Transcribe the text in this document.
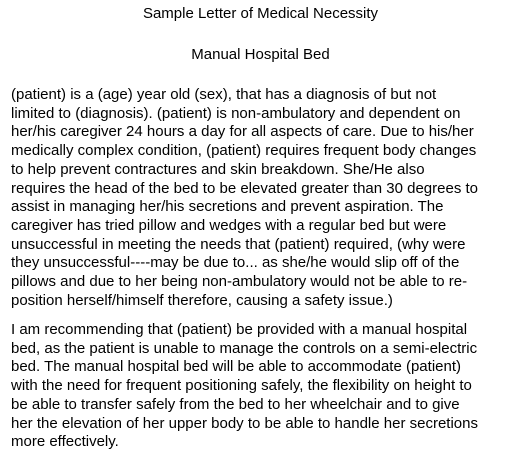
Sample Letter of Medical Necessity
Manual Hospital Bed
(patient) is a (age) year old (sex), that has a diagnosis of but not
limited to (diagnosis). (patient) is non-ambulatory and dependent on
her/his caregiver 24 hours a day for all aspects of care. Due to his/her
medically complex condition, (patient) requires frequent body changes
to help prevent contractures and skin breakdown. She/He also
requires the head of the bed to be elevated greater than 30 degrees to
assist in managing her/his secretions and prevent aspiration. The
caregiver has tried pillow and wedges with a regular bed but were
unsuccessful in meeting the needs that (patient) required, (why were
they unsuccessful----may be due to... as she/he would slip off of the
pillows and due to her being non-ambulatory would not be able to re-
position herself/himself therefore, causing a safety issue.)
I am recommending that (patient) be provided with a manual hospital
bed, as the patient is unable to manage the controls on a semi-electric
bed. The manual hospital bed will be able to accommodate (patient)
with the need for frequent positioning safely, the flexibility on height to
be able to transfer safely from the bed to her wheelchair and to give
her the elevation of her upper body to be able to handle her secretions
more effectively.
